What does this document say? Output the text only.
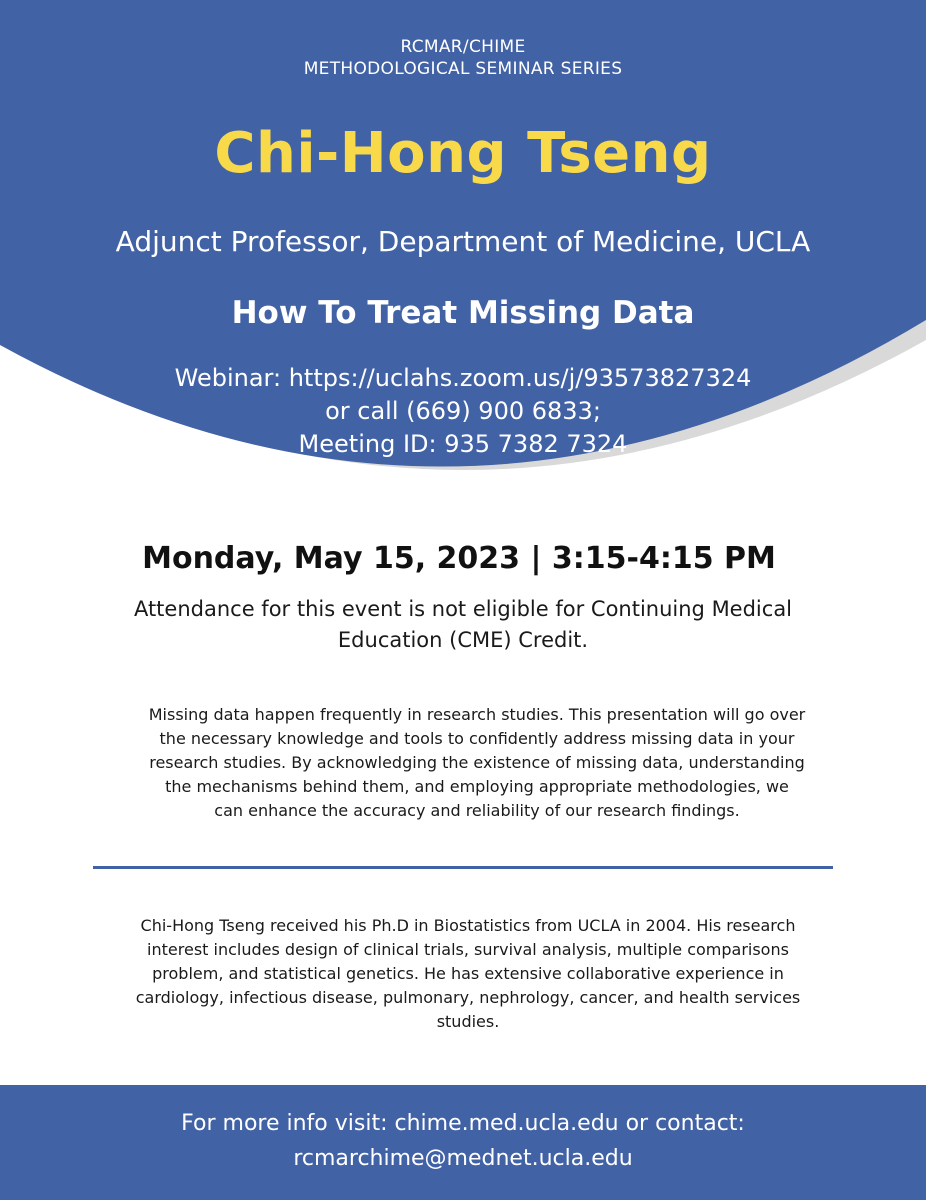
RCMAR/CHIME
METHODOLOGICAL SEMINAR SERIES
Chi-Hong Tseng
Adjunct Professor, Department of Medicine, UCLA
How To Treat Missing Data
Webinar: https://uclahs.zoom.us/j/93573827324
or call (669) 900 6833;
Meeting ID: 935 7382 7324
Monday, May 15, 2023 | 3:15-4:15 PM
Attendance for this event is not eligible for Continuing Medical
Education (CME) Credit.
Missing data happen frequently in research studies. This presentation will go over
the necessary knowledge and tools to confidently address missing data in your
research studies. By acknowledging the existence of missing data, understanding
the mechanisms behind them, and employing appropriate methodologies, we
can enhance the accuracy and reliability of our research findings.
Chi-Hong Tseng received his Ph.D in Biostatistics from UCLA in 2004. His research
interest includes design of clinical trials, survival analysis, multiple comparisons
problem, and statistical genetics. He has extensive collaborative experience in
cardiology, infectious disease, pulmonary, nephrology, cancer, and health services
studies.
For more info visit: chime.med.ucla.edu or contact:
rcmarchime@mednet.ucla.edu
